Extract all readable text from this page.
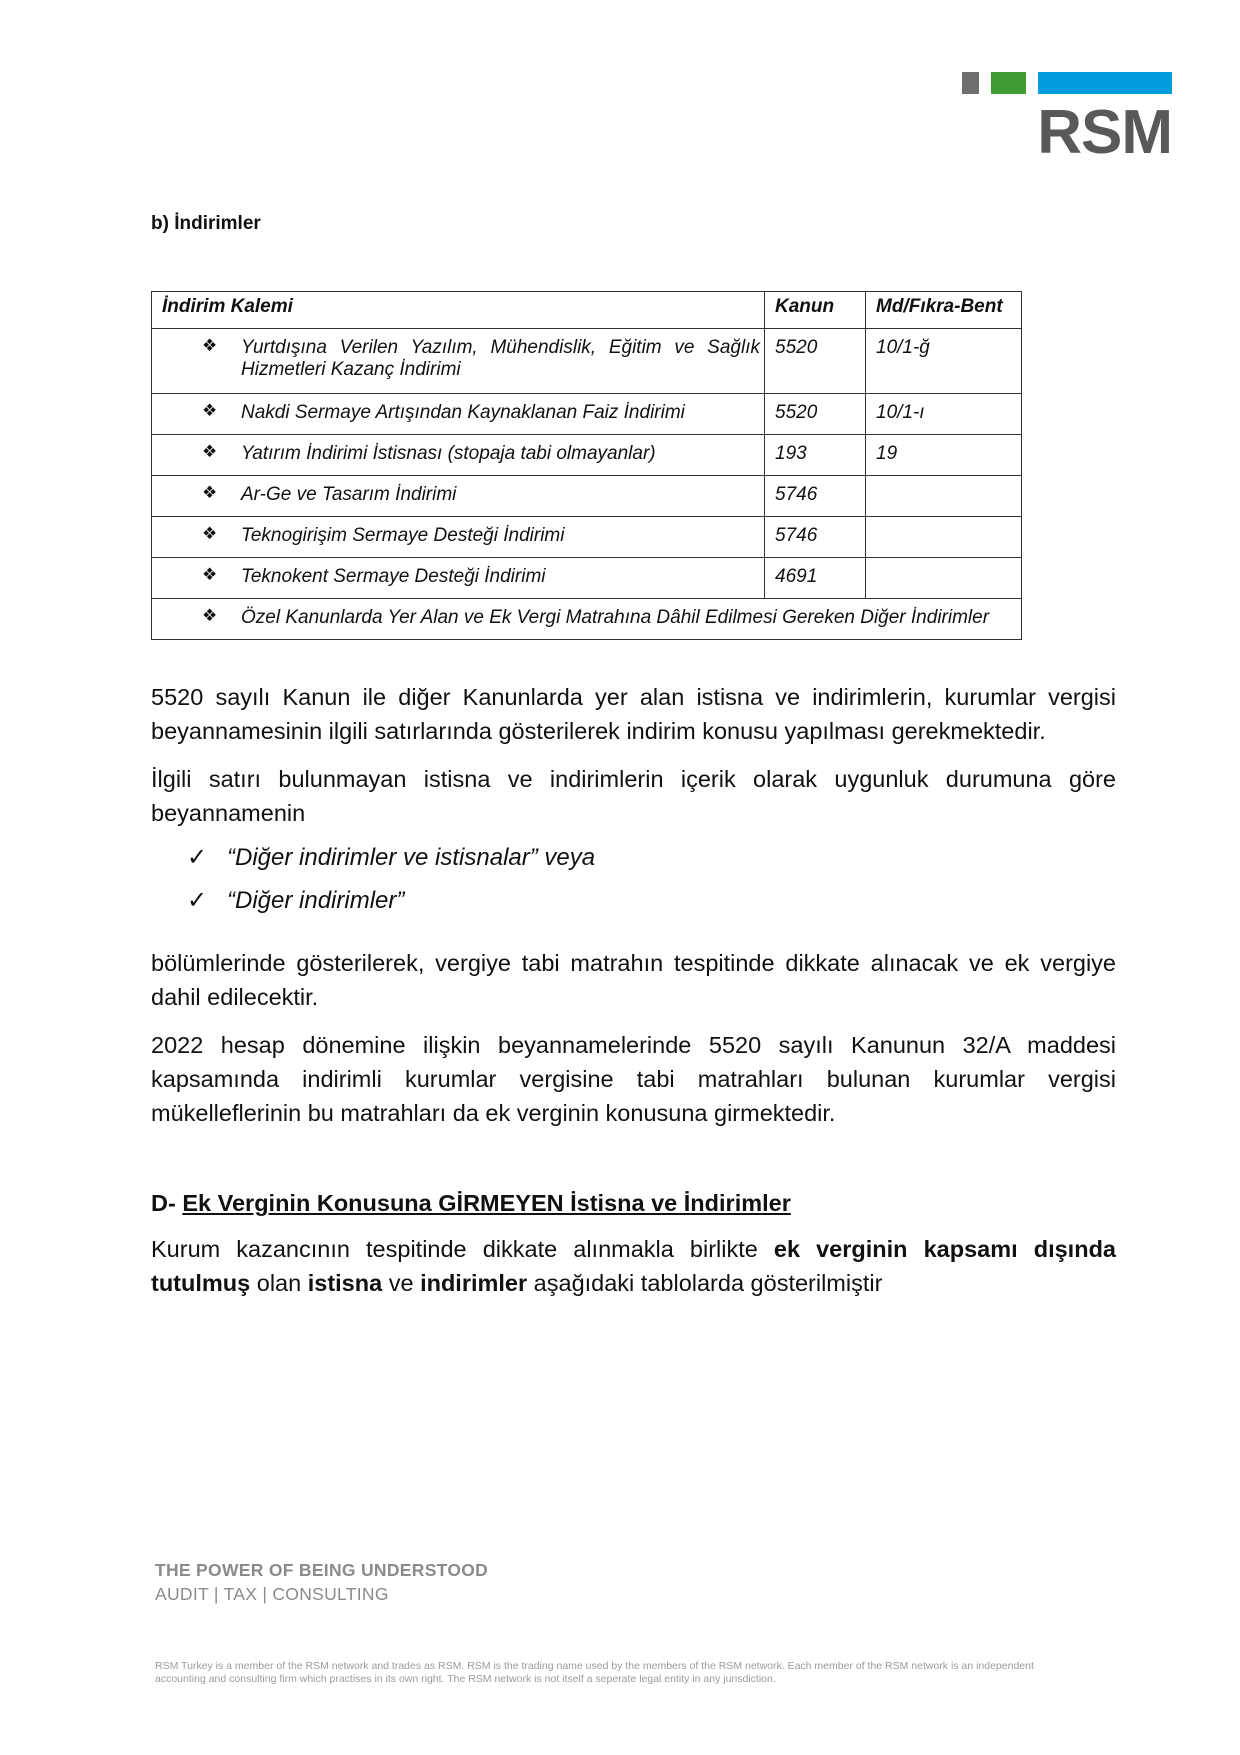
RSM
b) İndirimler
İndirim Kalemi	Kanun	Md/Fıkra-Bent

❖ Yurtdışına Verilen Yazılım, Mühendislik, Eğitim ve Sağlık Hizmetleri Kazanç İndirimi	5520	10/1-ğ

❖ Nakdi Sermaye Artışından Kaynaklanan Faiz İndirimi	5520	10/1-ı

❖ Yatırım İndirimi İstisnası (stopaja tabi olmayanlar)	193	19

❖ Ar-Ge ve Tasarım İndirimi	5746	

❖ Teknogirişim Sermaye Desteği İndirimi	5746	

❖ Teknokent Sermaye Desteği İndirimi	4691	

❖ Özel Kanunlarda Yer Alan ve Ek Vergi Matrahına Dâhil Edilmesi Gereken Diğer İndirimler		
5520 sayılı Kanun ile diğer Kanunlarda yer alan istisna ve indirimlerin, kurumlar vergisi beyannamesinin ilgili satırlarında gösterilerek indirim konusu yapılması gerekmektedir.
İlgili satırı bulunmayan istisna ve indirimlerin içerik olarak uygunluk durumuna göre beyannamenin
✓ “Diğer indirimler ve istisnalar” veya
✓ “Diğer indirimler”
bölümlerinde gösterilerek, vergiye tabi matrahın tespitinde dikkate alınacak ve ek vergiye dahil edilecektir.
2022 hesap dönemine ilişkin beyannamelerinde 5520 sayılı Kanunun 32/A maddesi kapsamında indirimli kurumlar vergisine tabi matrahları bulunan kurumlar vergisi mükelleflerinin bu matrahları da ek verginin konusuna girmektedir.
D- Ek Verginin Konusuna GİRMEYEN İstisna ve İndirimler
Kurum kazancının tespitinde dikkate alınmakla birlikte ek verginin kapsamı dışında tutulmuş olan istisna ve indirimler aşağıdaki tablolarda gösterilmiştir
THE POWER OF BEING UNDERSTOOD
AUDIT | TAX | CONSULTING
RSM Turkey is a member of the RSM network and trades as RSM. RSM is the trading name used by the members of the RSM network. Each member of the RSM network is an independent accounting and consulting firm which practises in its own right. The RSM network is not itself a seperate legal entity in any jurisdiction.
